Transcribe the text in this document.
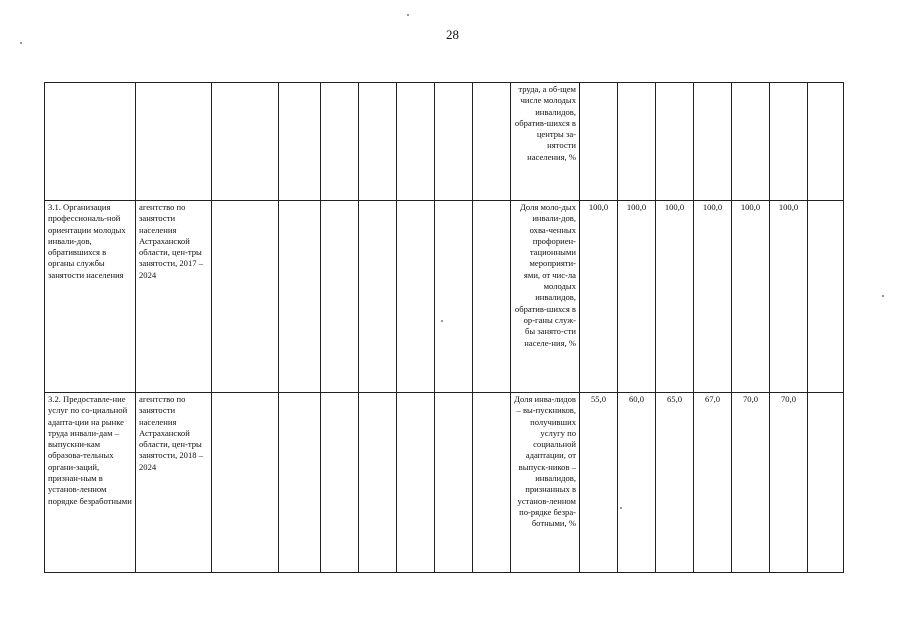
28
									труда, а об-щем числе молодых инвалидов, обратив-шихся в центры за-нятости населения, %							
3.1. Организация профессиональ-ной ориентации молодых инвали-дов, обратившихся в органы службы занятости населения	агентство по занятости населения Астраханской области, цен-тры занятости, 2017 – 2024								Доля моло-дых инвали-дов, охва-ченных профориен-тационными мероприяти-ями, от чис-ла молодых инвалидов, обратив-шихся в ор-ганы служ-бы занято-сти населе-ния, %	100,0	100,0	100,0	100,0	100,0	100,0	
3.2. Предоставле-ние услуг по со-циальной адапта-ции на рынке труда инвали-дам – выпускни-кам образова-тельных органи-заций, признан-ным в установ-ленном порядке безработными	агентство по занятости населения Астраханской области, цен-тры занятости, 2018 – 2024								Доля инва-лидов – вы-пускников, получивших услугу по социальной адаптации, от выпуск-ников – инвалидов, признанных в установ-ленном по-рядке безра-ботными, %	55,0	60,0	65,0	67,0	70,0	70,0	
